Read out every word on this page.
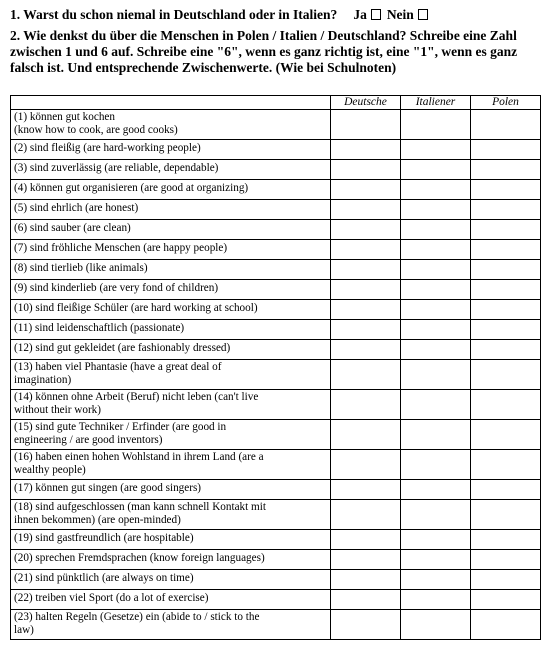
1. Warst du schon niemal in Deutschland oder in Italien? Ja Nein
2. Wie denkst du über die Menschen in Polen / Italien / Deutschland? Schreibe eine Zahl zwischen 1 und 6 auf. Schreibe eine "6", wenn es ganz richtig ist, eine "1", wenn es ganz falsch ist. Und entsprechende Zwischenwerte. (Wie bei Schulnoten)
	Deutsche	Italiener	Polen

(1) können gut kochen
(know how to cook, are good cooks)			

(2) sind fleißig (are hard-working people)			

(3) sind zuverlässig (are reliable, dependable)			

(4) können gut organisieren (are good at organizing)			

(5) sind ehrlich (are honest)			

(6) sind sauber (are clean)			

(7) sind fröhliche Menschen (are happy people)			

(8) sind tierlieb (like animals)			

(9) sind kinderlieb (are very fond of children)			

(10) sind fleißige Schüler (are hard working at school)			

(11) sind leidenschaftlich (passionate)			

(12) sind gut gekleidet (are fashionably dressed)			

(13) haben viel Phantasie (have a great deal of
imagination)			

(14) können ohne Arbeit (Beruf) nicht leben (can't live
without their work)			

(15) sind gute Techniker / Erfinder (are good in
engineering / are good inventors)			

(16) haben einen hohen Wohlstand in ihrem Land (are a
wealthy people)			

(17) können gut singen (are good singers)			

(18) sind aufgeschlossen (man kann schnell Kontakt mit
ihnen bekommen) (are open-minded)			

(19) sind gastfreundlich (are hospitable)			

(20) sprechen Fremdsprachen (know foreign languages)			

(21) sind pünktlich (are always on time)			

(22) treiben viel Sport (do a lot of exercise)			

(23) halten Regeln (Gesetze) ein (abide to / stick to the
law)			
